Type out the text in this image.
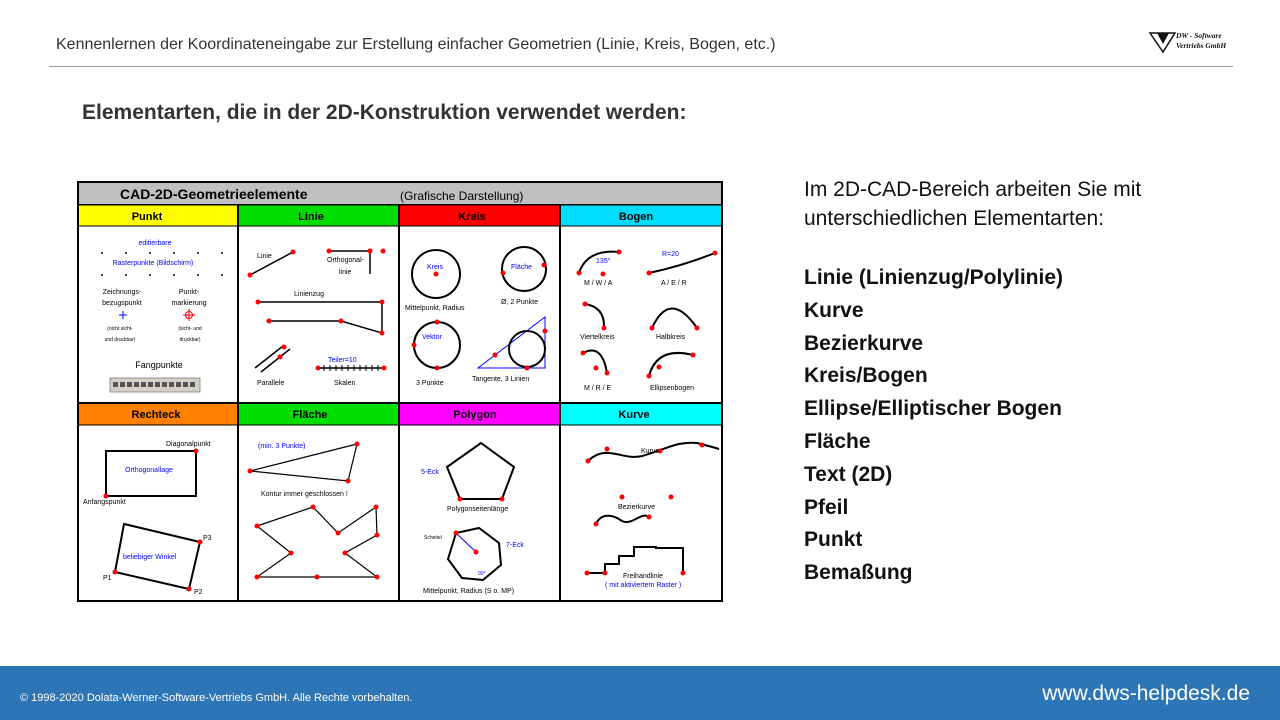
Kennenlernen der Koordinateneingabe zur Erstellung einfacher Geometrien (Linie, Kreis, Bogen, etc.)
DW - Software
Vertriebs GmbH
Elementarten, die in der 2D-Konstruktion verwendet werden:
CAD-2D-Geometrieelemente	(Grafische Darstellung)
Punkt	Linie	Kreis	Bogen
Rechteck	Fläche	Polygon	Kurve
editierbare
Rasterpunkte (Bildschirm)
Zeichnungs-
bezugspunkt
Punkt-
markierung
(nicht sicht-
und druckbar)
(sicht- und
druckbar)
Fangpunkte
Linie
Orthogonal-
linie
Linienzug
Parallele
Teiler=10
Skalen
Kreis
Mittelpunkt, Radius
Fläche
Ø, 2 Punkte
Vektor
3 Punkte
Tangente, 3 Linien
135°
M / W / A
R=20
A / E / R
Viertelkreis	Halbkreis
M / R / E	Ellipsenbogen
Diagonalpunkt
Orthogonallage
Anfangspunkt
P3
beliebiger Winkel
P1
P2
(min. 3 Punkte)
Kontur immer geschlossen !
5-Eck
Polygonseitenlänge
Scheitel
7-Eck
90°
Mittelpunkt, Radius (S o. MP)
Kurve
Bezierkurve
Freihandlinie
( mit aktiviertem Raster )
Im 2D-CAD-Bereich arbeiten Sie mit
unterschiedlichen Elementarten:
Linie (Linienzug/Polylinie)
Kurve
Bezierkurve
Kreis/Bogen
Ellipse/Elliptischer Bogen
Fläche
Text (2D)
Pfeil
Punkt
Bemaßung
© 1998-2020 Dolata-Werner-Software-Vertriebs GmbH. Alle Rechte vorbehalten.	www.dws-helpdesk.de
